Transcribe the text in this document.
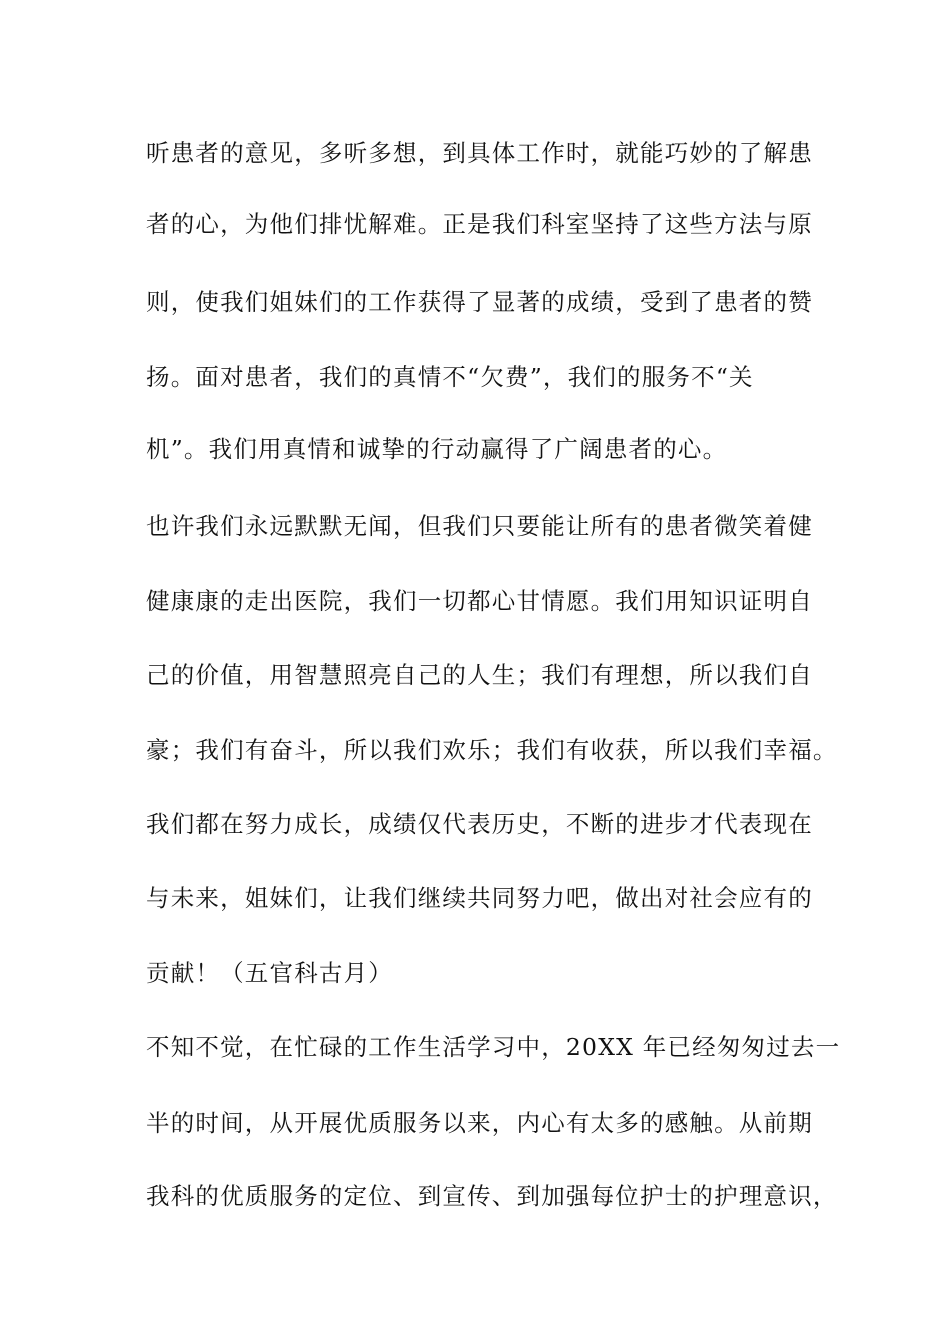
听患者的意见，多听多想，到具体工作时，就能巧妙的了解患
者的心，为他们排忧解难。正是我们科室坚持了这些方法与原
则，使我们姐妹们的工作获得了显著的成绩，受到了患者的赞
扬。面对患者，我们的真情不“欠费”，我们的服务不“关
机”。我们用真情和诚挚的行动赢得了广阔患者的心。
也许我们永远默默无闻，但我们只要能让所有的患者微笑着健
健康康的走出医院，我们一切都心甘情愿。我们用知识证明自
己的价值，用智慧照亮自己的人生；我们有理想，所以我们自
豪；我们有奋斗，所以我们欢乐；我们有收获，所以我们幸福。
我们都在努力成长，成绩仅代表历史，不断的进步才代表现在
与未来，姐妹们，让我们继续共同努力吧，做出对社会应有的
贡献！（五官科古月）
不知不觉，在忙碌的工作生活学习中，20XX 年已经匆匆过去一
半的时间，从开展优质服务以来，内心有太多的感触。从前期
我科的优质服务的定位、到宣传、到加强每位护士的护理意识，
